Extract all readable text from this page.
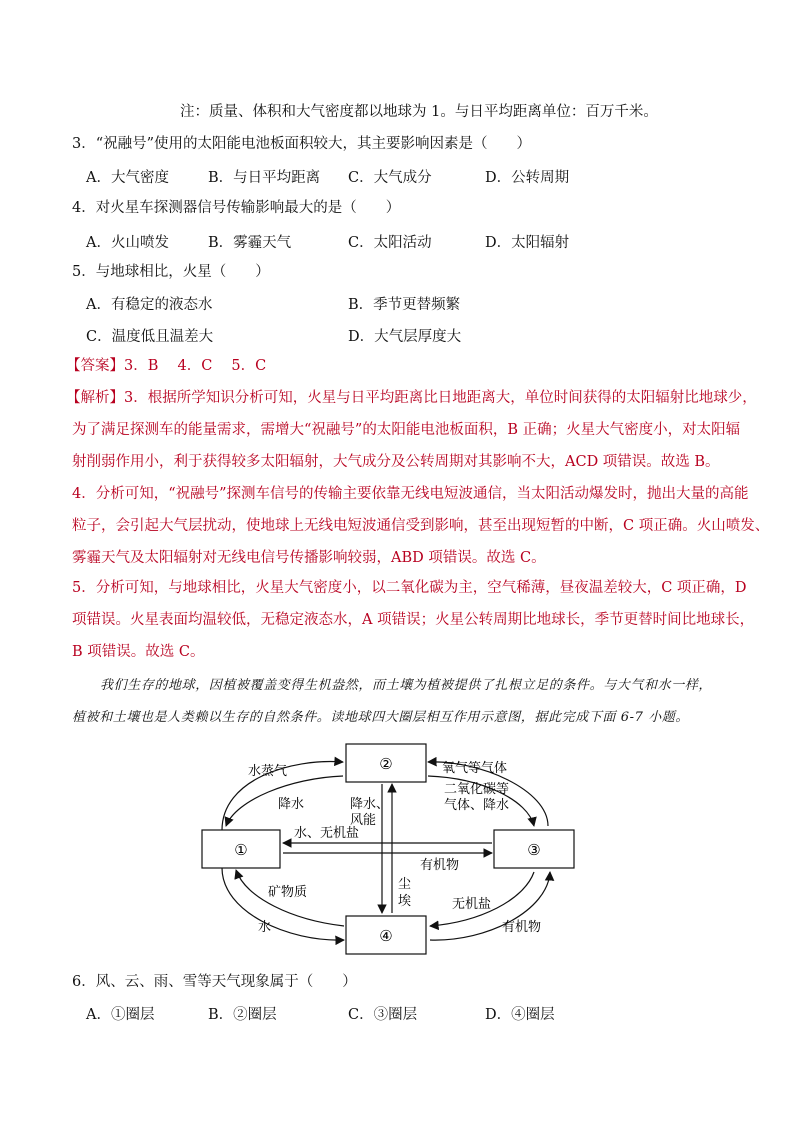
注：质量、体积和大气密度都以地球为 1。与日平均距离单位：百万千米。
3．“祝融号”使用的太阳能电池板面积较大，其主要影响因素是（　　）
A．大气密度	B．与日平均距离 C．大气成分	D．公转周期
4．对火星车探测器信号传输影响最大的是（　　）
A．火山喷发	B．雾霾天气	C．太阳活动	D．太阳辐射
5．与地球相比，火星（　　）
A．有稳定的液态水	B．季节更替频繁
C．温度低且温差大	D．大气层厚度大
【答案】3．B　 4．C　 5．C
【解析】3．根据所学知识分析可知，火星与日平均距离比日地距离大，单位时间获得的太阳辐射比地球少，
为了满足探测车的能量需求，需增大“祝融号”的太阳能电池板面积，B 正确；火星大气密度小，对太阳辐
射削弱作用小，利于获得较多太阳辐射，大气成分及公转周期对其影响不大，ACD 项错误。故选 B。
4．分析可知，“祝融号”探测车信号的传输主要依靠无线电短波通信，当太阳活动爆发时，抛出大量的高能
粒子，会引起大气层扰动，使地球上无线电短波通信受到影响，甚至出现短暂的中断，C 项正确。火山喷发、
雾霾天气及太阳辐射对无线电信号传播影响较弱，ABD 项错误。故选 C。
5．分析可知，与地球相比，火星大气密度小，以二氧化碳为主，空气稀薄，昼夜温差较大，C 项正确，D
项错误。火星表面均温较低，无稳定液态水，A 项错误；火星公转周期比地球长，季节更替时间比地球长，
B 项错误。故选 C。
我们生存的地球，因植被覆盖变得生机盎然，而土壤为植被提供了扎根立足的条件。与大气和水一样，
植被和土壤也是人类赖以生存的自然条件。读地球四大圈层相互作用示意图，据此完成下面 6-7 小题。
①
②
③
④
水蒸气
降水	降水、
风能
氧气等气体
二氧化碳等
气体、降水
水、无机盐
有机物
尘
埃
矿物质
水
无机盐
有机物
6．风、云、雨、雪等天气现象属于（　　）
A．①圈层	B．②圈层	C．③圈层	D．④圈层
